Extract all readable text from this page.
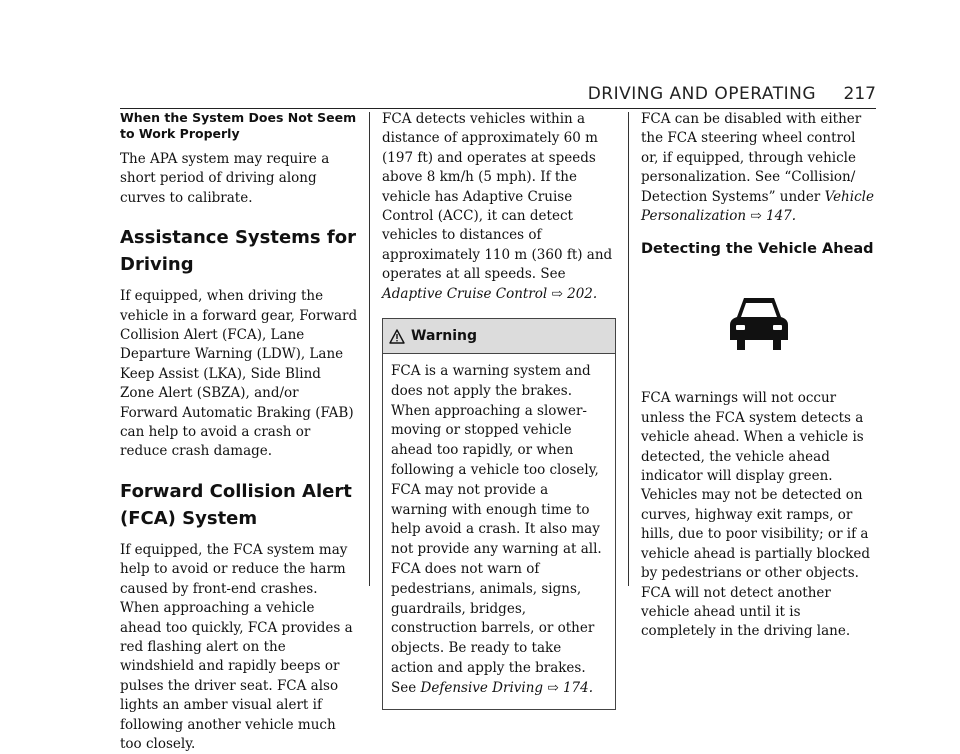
DRIVING AND OPERATING 217
When the System Does Not Seem to Work Properly

The APA system may require a short period of driving along curves to calibrate.

Assistance Systems for
Driving

If equipped, when driving the vehicle in a forward gear, Forward Collision Alert (FCA), Lane Departure Warning (LDW), Lane Keep Assist (LKA), Side Blind Zone Alert (SBZA), and/or Forward Automatic Braking (FAB) can help to avoid a crash or reduce crash damage.

Forward Collision Alert
(FCA) System

If equipped, the FCA system may help to avoid or reduce the harm caused by front-end crashes. When approaching a vehicle ahead too quickly, FCA provides a red flashing alert on the windshield and rapidly beeps or pulses the driver seat. FCA also lights an amber visual alert if following another vehicle much too closely.

FCA detects vehicles within a distance of approximately 60 m (197 ft) and operates at speeds above 8 km/h (5 mph). If the vehicle has Adaptive Cruise Control (ACC), it can detect vehicles to distances of approximately 110 m (360 ft) and operates at all speeds. See Adaptive Cruise Control ⇨ 202.

Warning

FCA is a warning system and does not apply the brakes. When approaching a slower-moving or stopped vehicle ahead too rapidly, or when following a vehicle too closely, FCA may not provide a warning with enough time to help avoid a crash. It also may not provide any warning at all. FCA does not warn of pedestrians, animals, signs, guardrails, bridges, construction barrels, or other objects. Be ready to take action and apply the brakes. See Defensive Driving ⇨ 174.

FCA can be disabled with either the FCA steering wheel control or, if equipped, through vehicle personalization. See “Collision/ Detection Systems” under Vehicle Personalization ⇨ 147.

Detecting the Vehicle Ahead

FCA warnings will not occur unless the FCA system detects a vehicle ahead. When a vehicle is detected, the vehicle ahead indicator will display green. Vehicles may not be detected on curves, highway exit ramps, or hills, due to poor visibility; or if a vehicle ahead is partially blocked by pedestrians or other objects. FCA will not detect another vehicle ahead until it is completely in the driving lane.
